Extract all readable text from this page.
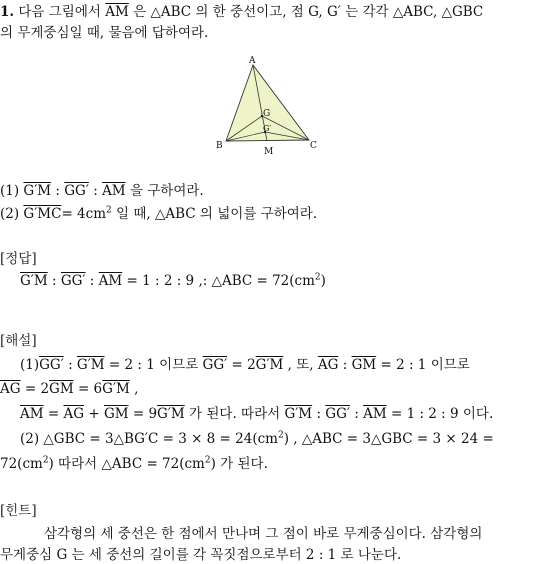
1. 다음 그림에서 $\overline{AM}$ 은 △ABC 의 한 중선이고, 점 G, G′ 는 각각 △ABC, △GBC
의 무게중심일 때, 물음에 답하여라.
A
B	C
M
G
G′
(1) G′M : GG′ : $\overline{AM}$ 을 구하여라.
(2) $G'MC= 4cm^2$ 일 때, △ABC 의 넓이를 구하여라.
[정답]
G′M : GG′ : $\overline{AM} = 1$ : 2 : 9 ,: △ABC = $72(cm^2)$
[해설]
(1)GG′ : G′M = 2 : 1 이므로 GG′ = 2G′M , 또, $\overline{AG}$ : $\overline{GM} = 2$ : 1 이므로
$\overline{AG} = 2\overline{GM} = 6G'M$ ,
$\overline{AM} = \overline{AG} + \overline{GM} = 9G'M$ 가 된다. 따라서 G′M : GG′ : $\overline{AM} = 1$ : 2 : 9 이다.
(2) △GBC = 3△BG′C = $3 \times 8 = 24(cm^2)$ , △ABC = 3△GBC = 3 × 24 =
$72(cm^2)$ 따라서 △ABC = $72(cm^2)$ 가 된다.
[힌트]
삼각형의 세 중선은 한 점에서 만나며 그 점이 바로 무게중심이다. 삼각형의
무게중심 G 는 세 중선의 길이를 각 꼭짓점으로부터 2 : 1 로 나눈다.
